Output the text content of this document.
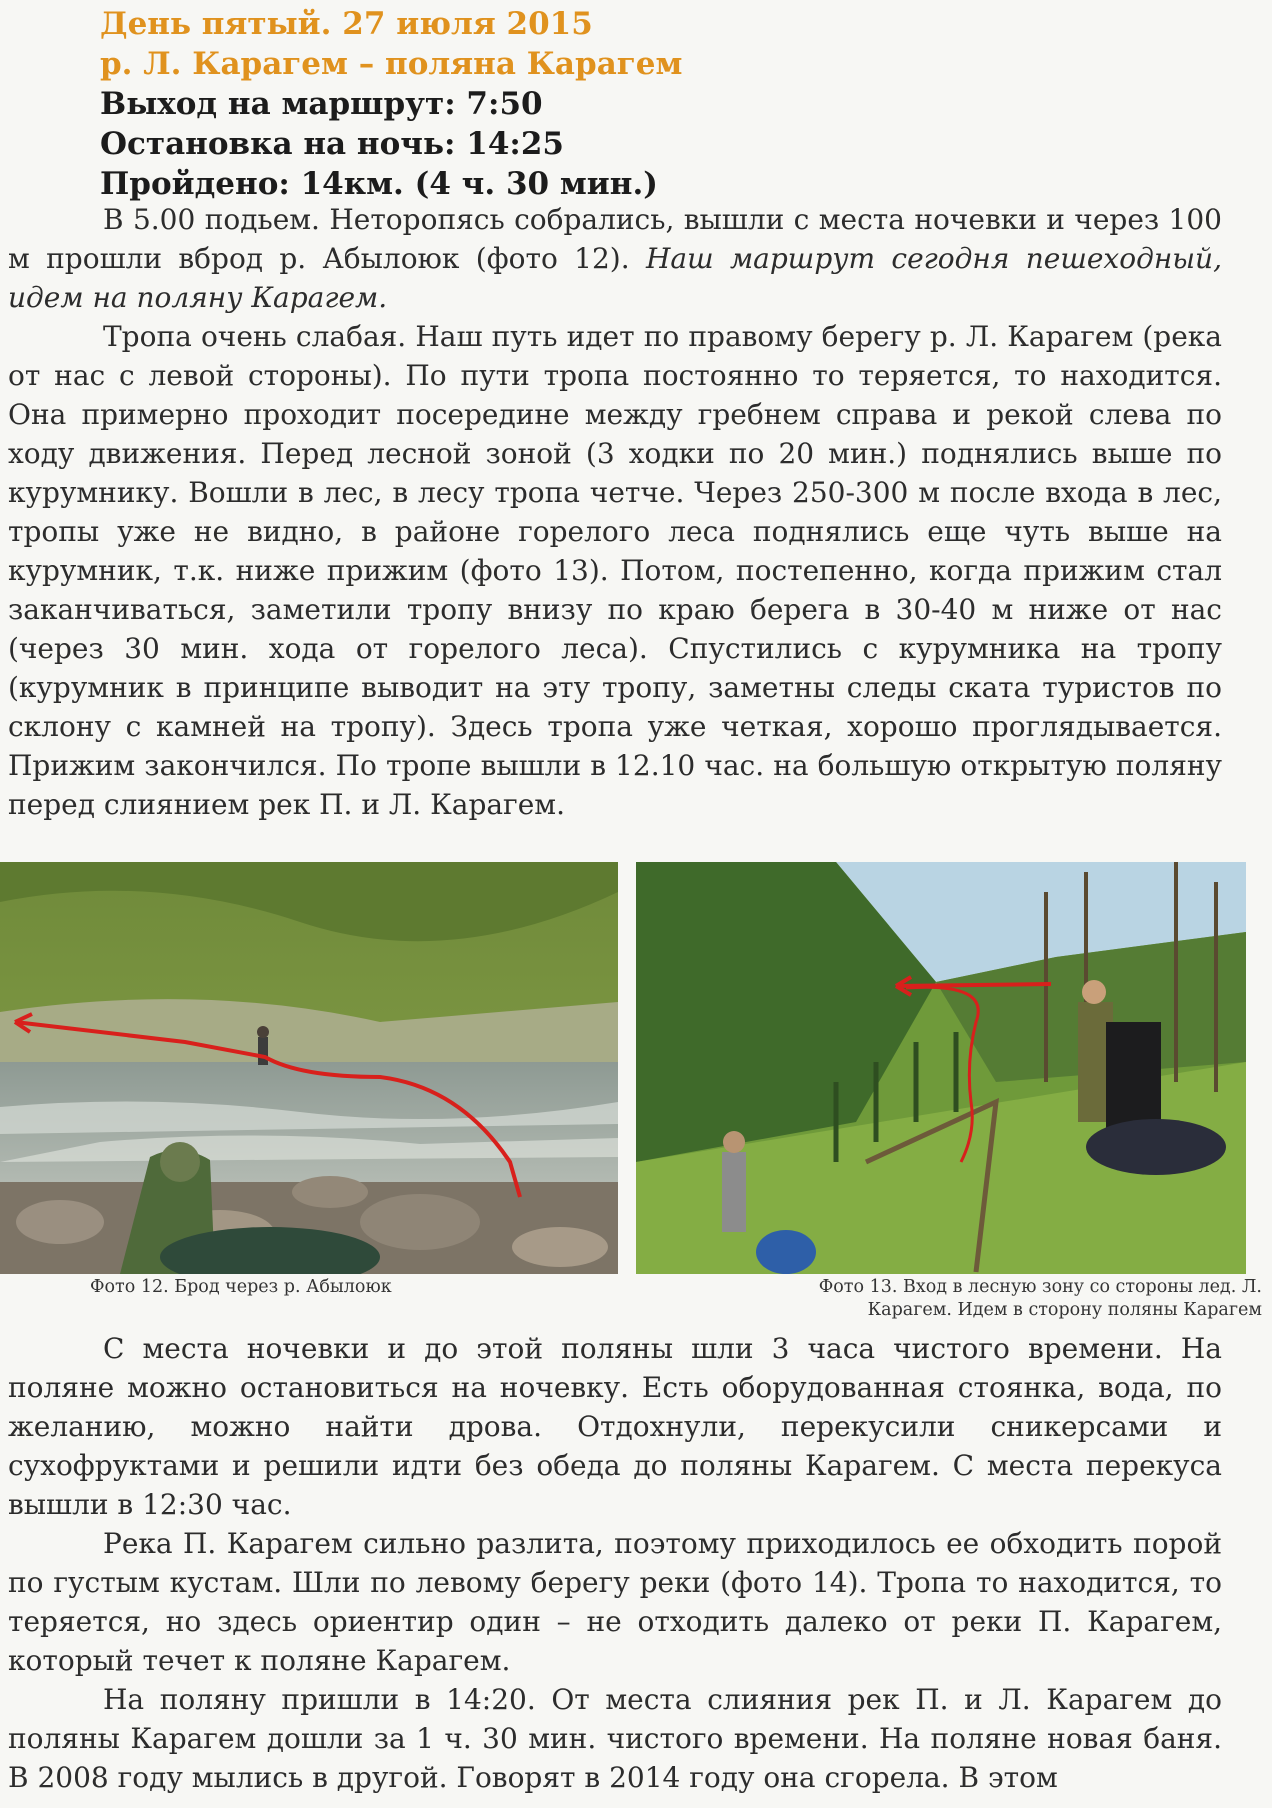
День пятый. 27 июля 2015
р. Л. Карагем – поляна Карагем
Выход на маршрут: 7:50
Остановка на ночь: 14:25
Пройдено: 14км. (4 ч. 30 мин.)

В 5.00 подьем. Неторопясь собрались, вышли с места ночевки и через 100 м прошли вброд р. Абылоюк (фото 12). Наш маршрут сегодня пешеходный, идем на поляну Карагем.

Тропа очень слабая. Наш путь идет по правому берегу р. Л. Карагем (река от нас с левой стороны). По пути тропа постоянно то теряется, то находится. Она примерно проходит посередине между гребнем справа и рекой слева по ходу движения. Перед лесной зоной (3 ходки по 20 мин.) поднялись выше по курумнику. Вошли в лес, в лесу тропа четче. Через 250-300 м после входа в лес, тропы уже не видно, в районе горелого леса поднялись еще чуть выше на курумник, т.к. ниже прижим (фото 13). Потом, постепенно, когда прижим стал заканчиваться, заметили тропу внизу по краю берега в 30-40 м ниже от нас (через 30 мин. хода от горелого леса). Спустились с курумника на тропу (курумник в принципе выводит на эту тропу, заметны следы ската туристов по склону с камней на тропу). Здесь тропа уже четкая, хорошо проглядывается. Прижим закончился. По тропе вышли в 12.10 час. на большую открытую поляну перед слиянием рек П. и Л. Карагем.

Фото 12. Брод через р. Абылоюк	Фото 13. Вход в лесную зону со стороны лед. Л.
Карагем. Идем в сторону поляны Карагем

С места ночевки и до этой поляны шли 3 часа чистого времени. На поляне можно остановиться на ночевку. Есть оборудованная стоянка, вода, по желанию, можно найти дрова. Отдохнули, перекусили сникерсами и сухофруктами и решили идти без обеда до поляны Карагем. С места перекуса вышли в 12:30 час.

Река П. Карагем сильно разлита, поэтому приходилось ее обходить порой по густым кустам. Шли по левому берегу реки (фото 14). Тропа то находится, то теряется, но здесь ориентир один – не отходить далеко от реки П. Карагем, который течет к поляне Карагем.

На поляну пришли в 14:20. От места слияния рек П. и Л. Карагем до поляны Карагем дошли за 1 ч. 30 мин. чистого времени. На поляне новая баня. В 2008 году мылись в другой. Говорят в 2014 году она сгорела. В этом
